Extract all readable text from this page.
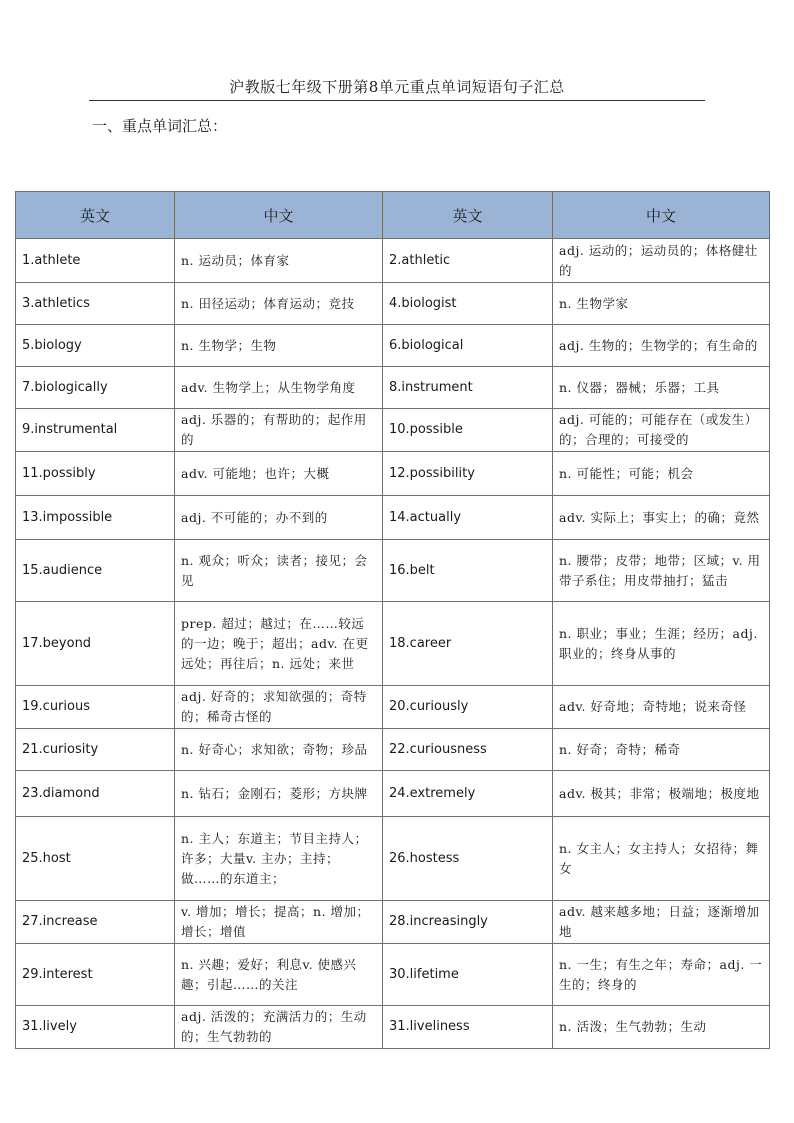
沪教版七年级下册第8单元重点单词短语句子汇总
一、重点单词汇总：
英文	中文	英文	中文
1.athlete	n. 运动员；体育家	2.athletic	adj. 运动的；运动员的；体格健壮的
3.athletics	n. 田径运动；体育运动；竞技	4.biologist	n. 生物学家
5.biology	n. 生物学；生物	6.biological	adj. 生物的；生物学的；有生命的
7.biologically	adv. 生物学上；从生物学角度	8.instrument	n. 仪器；器械；乐器；工具
9.instrumental	adj. 乐器的；有帮助的；起作用的	10.possible	adj. 可能的；可能存在（或发生）的；合理的；可接受的
11.possibly	adv. 可能地；也许；大概	12.possibility	n. 可能性；可能；机会
13.impossible	adj. 不可能的；办不到的	14.actually	adv. 实际上；事实上；的确；竟然
15.audience	n. 观众；听众；读者；接见；会见	16.belt	n. 腰带；皮带；地带；区域；v. 用带子系住；用皮带抽打；猛击
17.beyond	prep. 超过；越过；在……较远的一边；晚于；超出；adv. 在更远处；再往后；n. 远处；来世	18.career	n. 职业；事业；生涯；经历；adj. 职业的；终身从事的
19.curious	adj. 好奇的；求知欲强的；奇特的；稀奇古怪的	20.curiously	adv. 好奇地；奇特地；说来奇怪
21.curiosity	n. 好奇心；求知欲；奇物；珍品	22.curiousness	n. 好奇；奇特；稀奇
23.diamond	n. 钻石；金刚石；菱形；方块牌	24.extremely	adv. 极其；非常；极端地；极度地
25.host	n. 主人；东道主；节目主持人；许多；大量v. 主办；主持；做……的东道主；	26.hostess	n. 女主人；女主持人；女招待；舞女
27.increase	v. 增加；增长；提高；n. 增加；增长；增值	28.increasingly	adv. 越来越多地；日益；逐渐增加地
29.interest	n. 兴趣；爱好；利息v. 使感兴趣；引起……的关注	30.lifetime	n. 一生；有生之年；寿命；adj. 一生的；终身的
31.lively	adj. 活泼的；充满活力的；生动的；生气勃勃的	31.liveliness	n. 活泼；生气勃勃；生动
